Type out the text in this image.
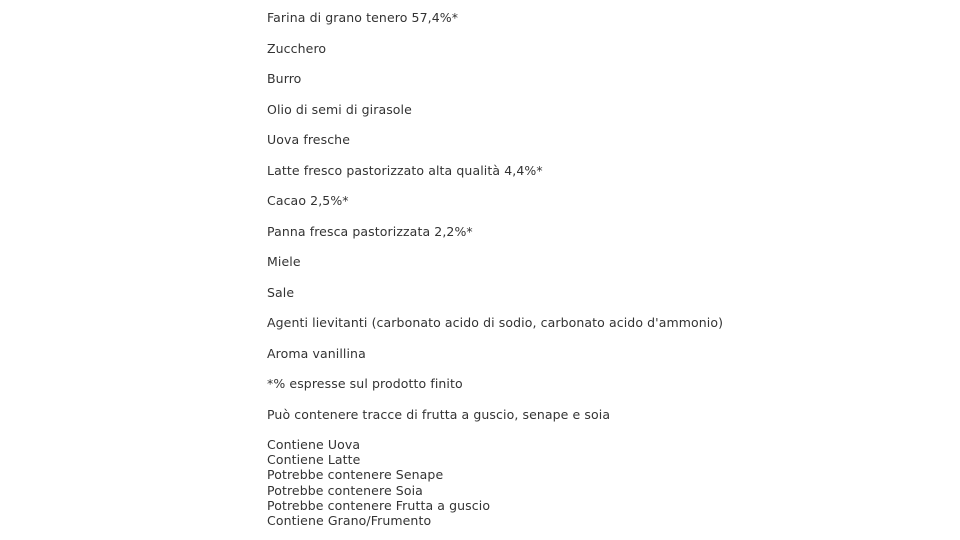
Farina di grano tenero 57,4%*
Zucchero
Burro
Olio di semi di girasole
Uova fresche
Latte fresco pastorizzato alta qualità 4,4%*
Cacao 2,5%*
Panna fresca pastorizzata 2,2%*
Miele
Sale
Agenti lievitanti (carbonato acido di sodio, carbonato acido d'ammonio)
Aroma vanillina
*% espresse sul prodotto finito
Può contenere tracce di frutta a guscio, senape e soia
Contiene Uova
Contiene Latte
Potrebbe contenere Senape
Potrebbe contenere Soia
Potrebbe contenere Frutta a guscio
Contiene Grano/Frumento
